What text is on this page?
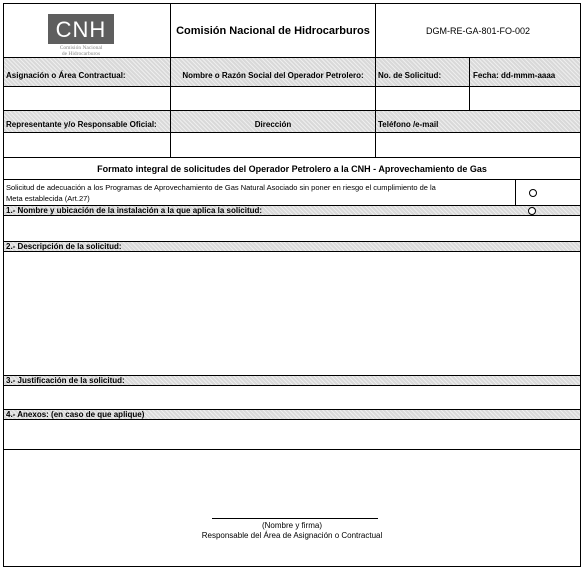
CNH
Comisión Nacional
de Hidrocarburos
Comisión Nacional de Hidrocarburos	DGM-RE-GA-801-FO-002
Asignación o Área Contractual:	Nombre o Razón Social del Operador Petrolero:	No. de Solicitud:	Fecha: dd-mmm-aaaa
Representante y/o Responsable Oficial:	Dirección	Teléfono /e-mail
Formato integral de solicitudes del Operador Petrolero a la CNH - Aprovechamiento de Gas
Solicitud de adecuación a los Programas de Aprovechamiento de Gas Natural Asociado sin poner en riesgo el cumplimiento de la
Meta establecida (Art.27)
1.- Nombre y ubicación de la instalación a la que aplica la solicitud:
2.- Descripción de la solicitud:
3.- Justificación de la solicitud:
4.- Anexos: (en caso de que aplique)
(Nombre y firma)
Responsable del Área de Asignación o Contractual
